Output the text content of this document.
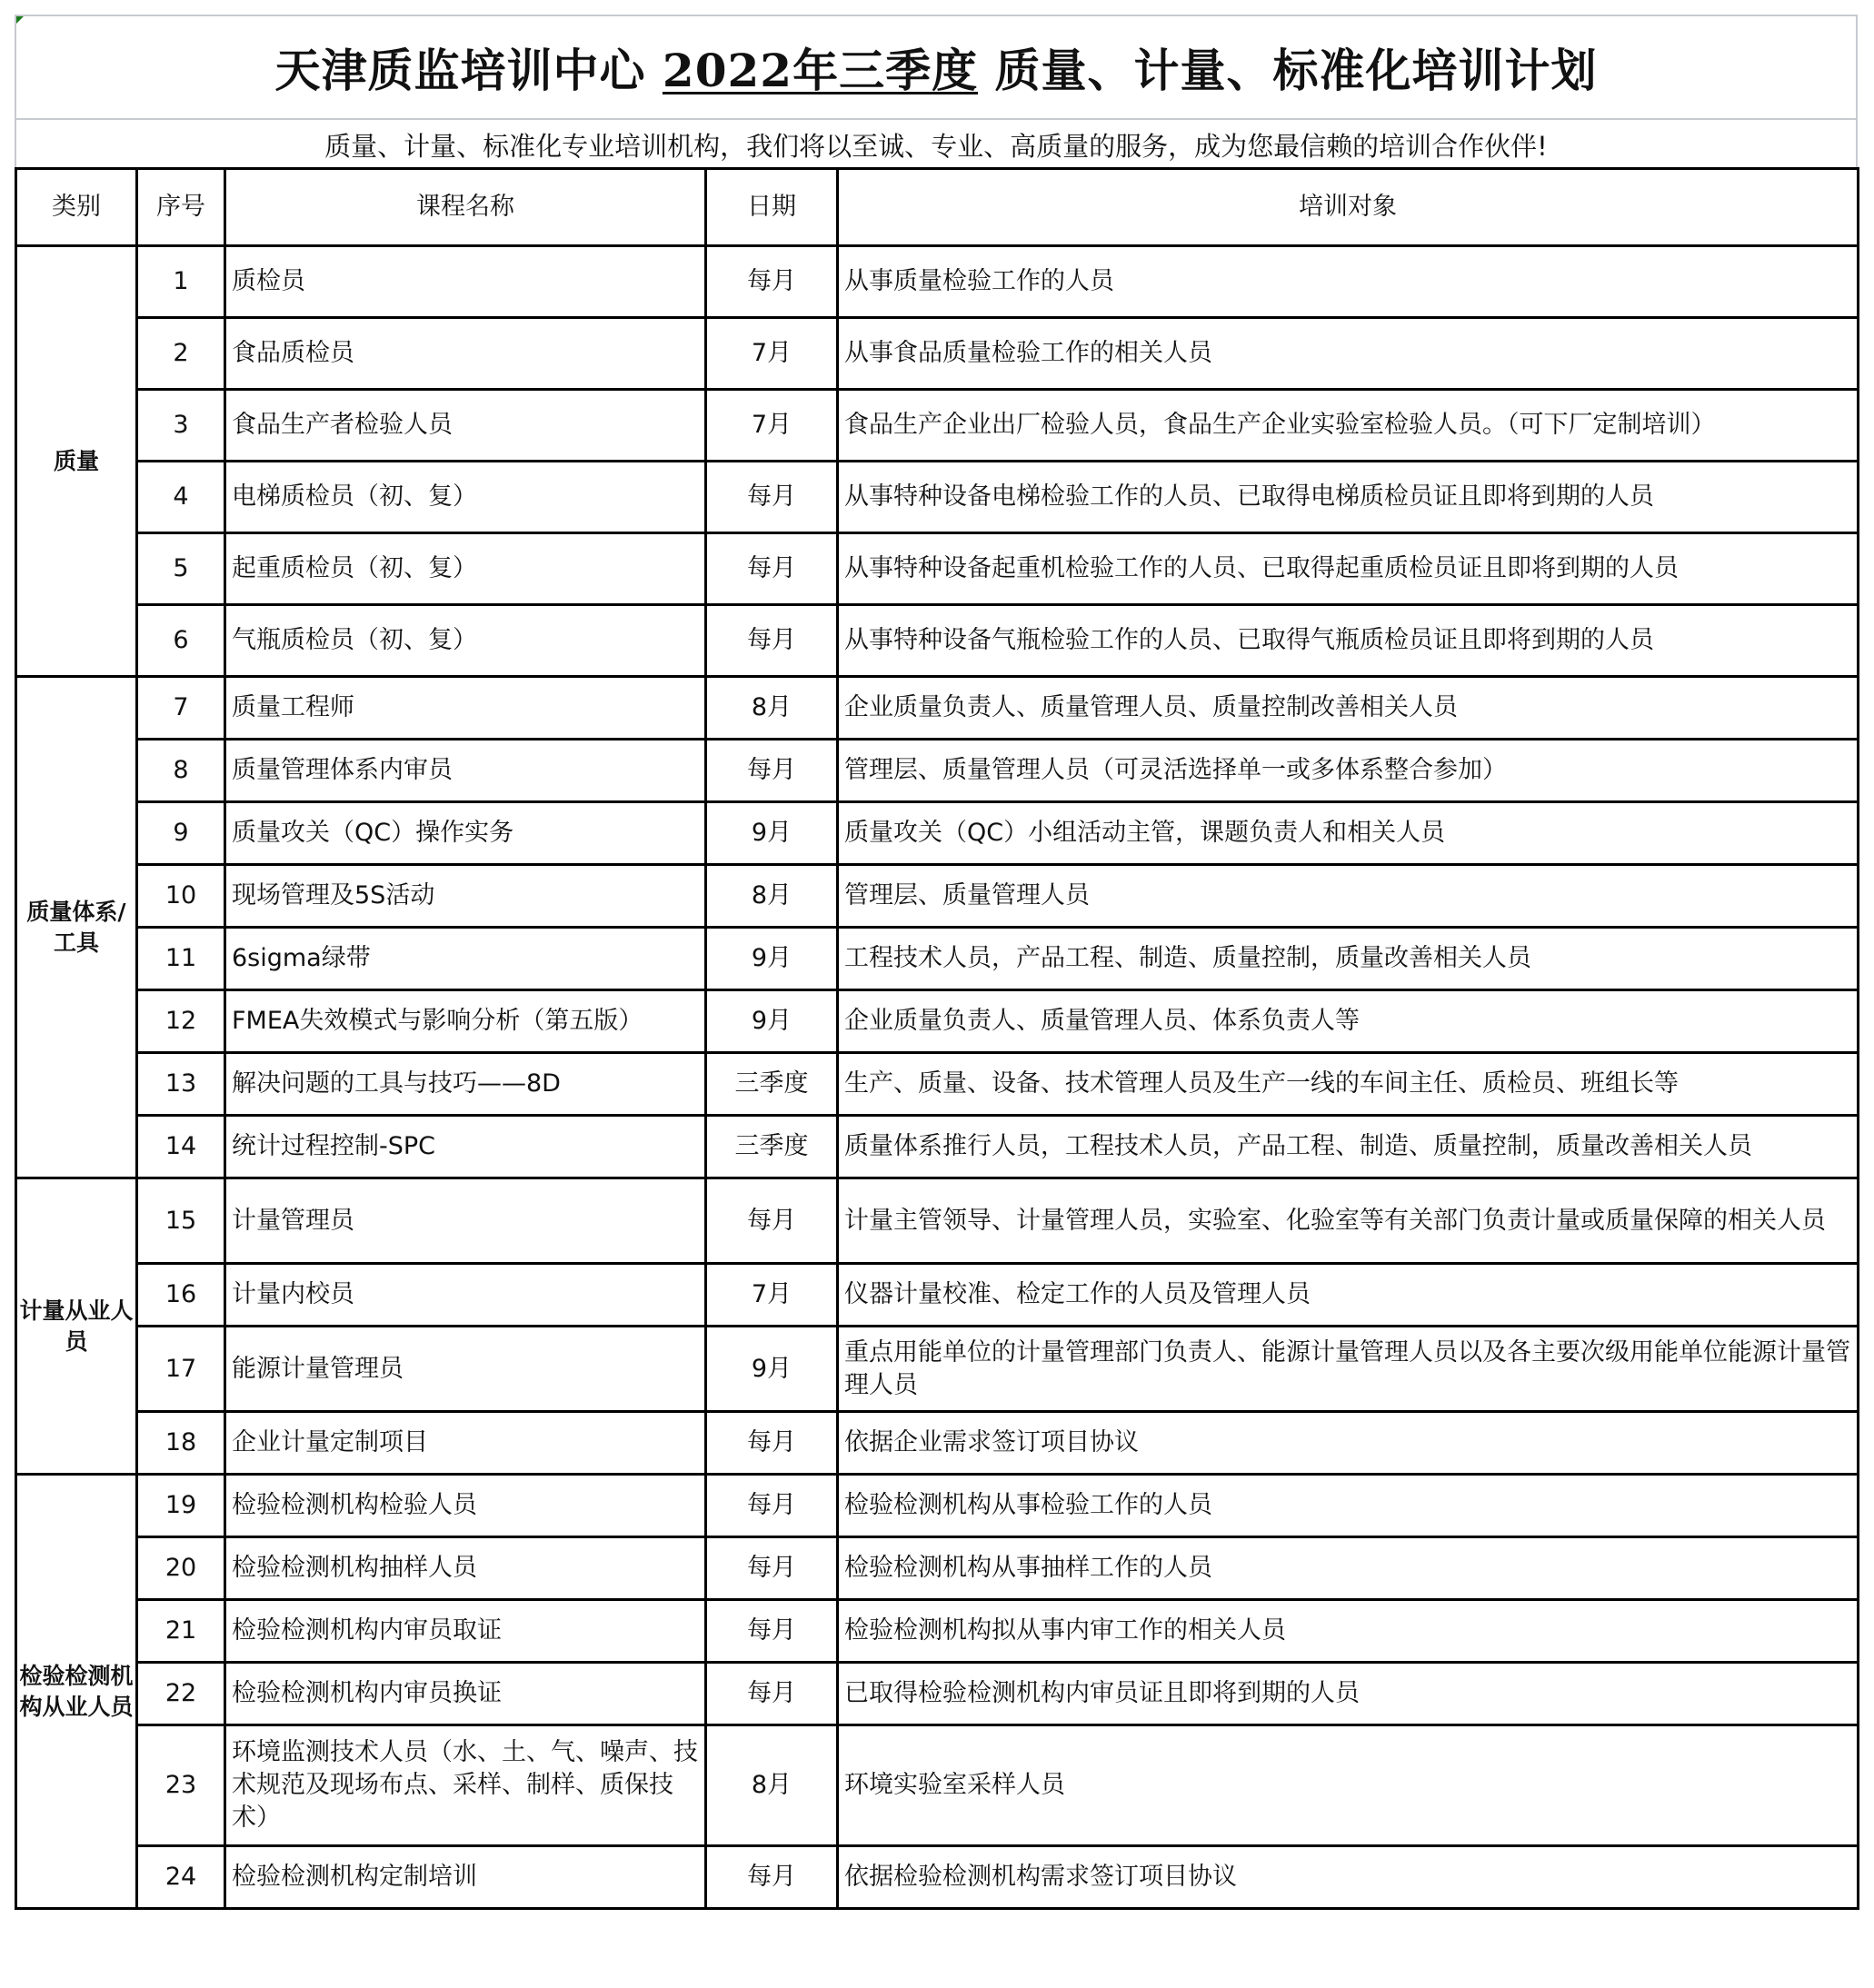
天津质监培训中心 2022年三季度 质量、计量、标准化培训计划
质量、计量、标准化专业培训机构，我们将以至诚、专业、高质量的服务，成为您最信赖的培训合作伙伴!
类别	序号	课程名称	日期	培训对象
质量	1	质检员	每月	从事质量检验工作的人员
	2	食品质检员	7月	从事食品质量检验工作的相关人员
	3	食品生产者检验人员	7月	食品生产企业出厂检验人员，食品生产企业实验室检验人员。（可下厂定制培训）
	4	电梯质检员（初、复）	每月	从事特种设备电梯检验工作的人员、已取得电梯质检员证且即将到期的人员
	5	起重质检员（初、复）	每月	从事特种设备起重机检验工作的人员、已取得起重质检员证且即将到期的人员
	6	气瓶质检员（初、复）	每月	从事特种设备气瓶检验工作的人员、已取得气瓶质检员证且即将到期的人员
质量体系/工具	7	质量工程师	8月	企业质量负责人、质量管理人员、质量控制改善相关人员
	8	质量管理体系内审员	每月	管理层、质量管理人员（可灵活选择单一或多体系整合参加）
	9	质量攻关（QC）操作实务	9月	质量攻关（QC）小组活动主管，课题负责人和相关人员
	10	现场管理及5S活动	8月	管理层、质量管理人员
	11	6sigma绿带	9月	工程技术人员，产品工程、制造、质量控制，质量改善相关人员
	12	FMEA失效模式与影响分析（第五版）	9月	企业质量负责人、质量管理人员、体系负责人等
	13	解决问题的工具与技巧——8D	三季度	生产、质量、设备、技术管理人员及生产一线的车间主任、质检员、班组长等
	14	统计过程控制-SPC	三季度	质量体系推行人员，工程技术人员，产品工程、制造、质量控制，质量改善相关人员
计量从业人员	15	计量管理员	每月	计量主管领导、计量管理人员，实验室、化验室等有关部门负责计量或质量保障的相关人员
	16	计量内校员	7月	仪器计量校准、检定工作的人员及管理人员
	17	能源计量管理员	9月	重点用能单位的计量管理部门负责人、能源计量管理人员以及各主要次级用能单位能源计量管理人员
	18	企业计量定制项目	每月	依据企业需求签订项目协议
检验检测机构从业人员	19	检验检测机构检验人员	每月	检验检测机构从事检验工作的人员
	20	检验检测机构抽样人员	每月	检验检测机构从事抽样工作的人员
	21	检验检测机构内审员取证	每月	检验检测机构拟从事内审工作的相关人员
	22	检验检测机构内审员换证	每月	已取得检验检测机构内审员证且即将到期的人员
	23	环境监测技术人员（水、土、气、噪声、技术规范及现场布点、采样、制样、质保技术）	8月	环境实验室采样人员
	24	检验检测机构定制培训	每月	依据检验检测机构需求签订项目协议
